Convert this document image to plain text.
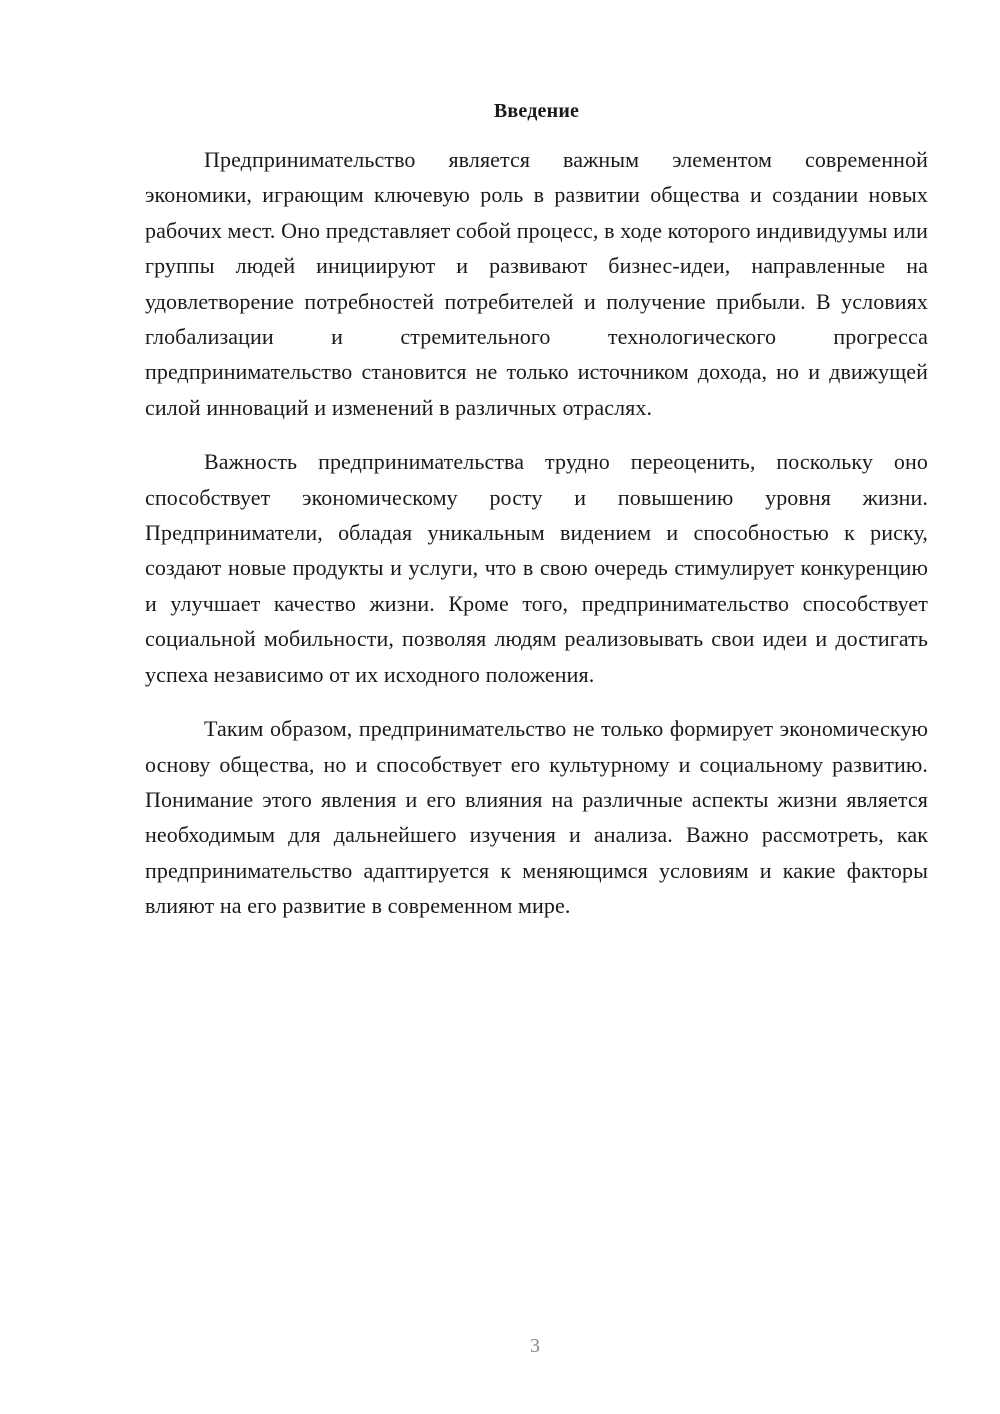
Введение

Предпринимательство является важным элементом современной экономики, играющим ключевую роль в развитии общества и создании новых рабочих мест. Оно представляет собой процесс, в ходе которого индивидуумы или группы людей инициируют и развивают бизнес-идеи, направленные на удовлетворение потребностей потребителей и получение прибыли. В условиях глобализации и стремительного технологического прогресса предпринимательство становится не только источником дохода, но и движущей силой инноваций и изменений в различных отраслях.

Важность предпринимательства трудно переоценить, поскольку оно способствует экономическому росту и повышению уровня жизни. Предприниматели, обладая уникальным видением и способностью к риску, создают новые продукты и услуги, что в свою очередь стимулирует конкуренцию и улучшает качество жизни. Кроме того, предпринимательство способствует социальной мобильности, позволяя людям реализовывать свои идеи и достигать успеха независимо от их исходного положения.

Таким образом, предпринимательство не только формирует экономическую основу общества, но и способствует его культурному и социальному развитию. Понимание этого явления и его влияния на различные аспекты жизни является необходимым для дальнейшего изучения и анализа. Важно рассмотреть, как предпринимательство адаптируется к меняющимся условиям и какие факторы влияют на его развитие в современном мире.

3
